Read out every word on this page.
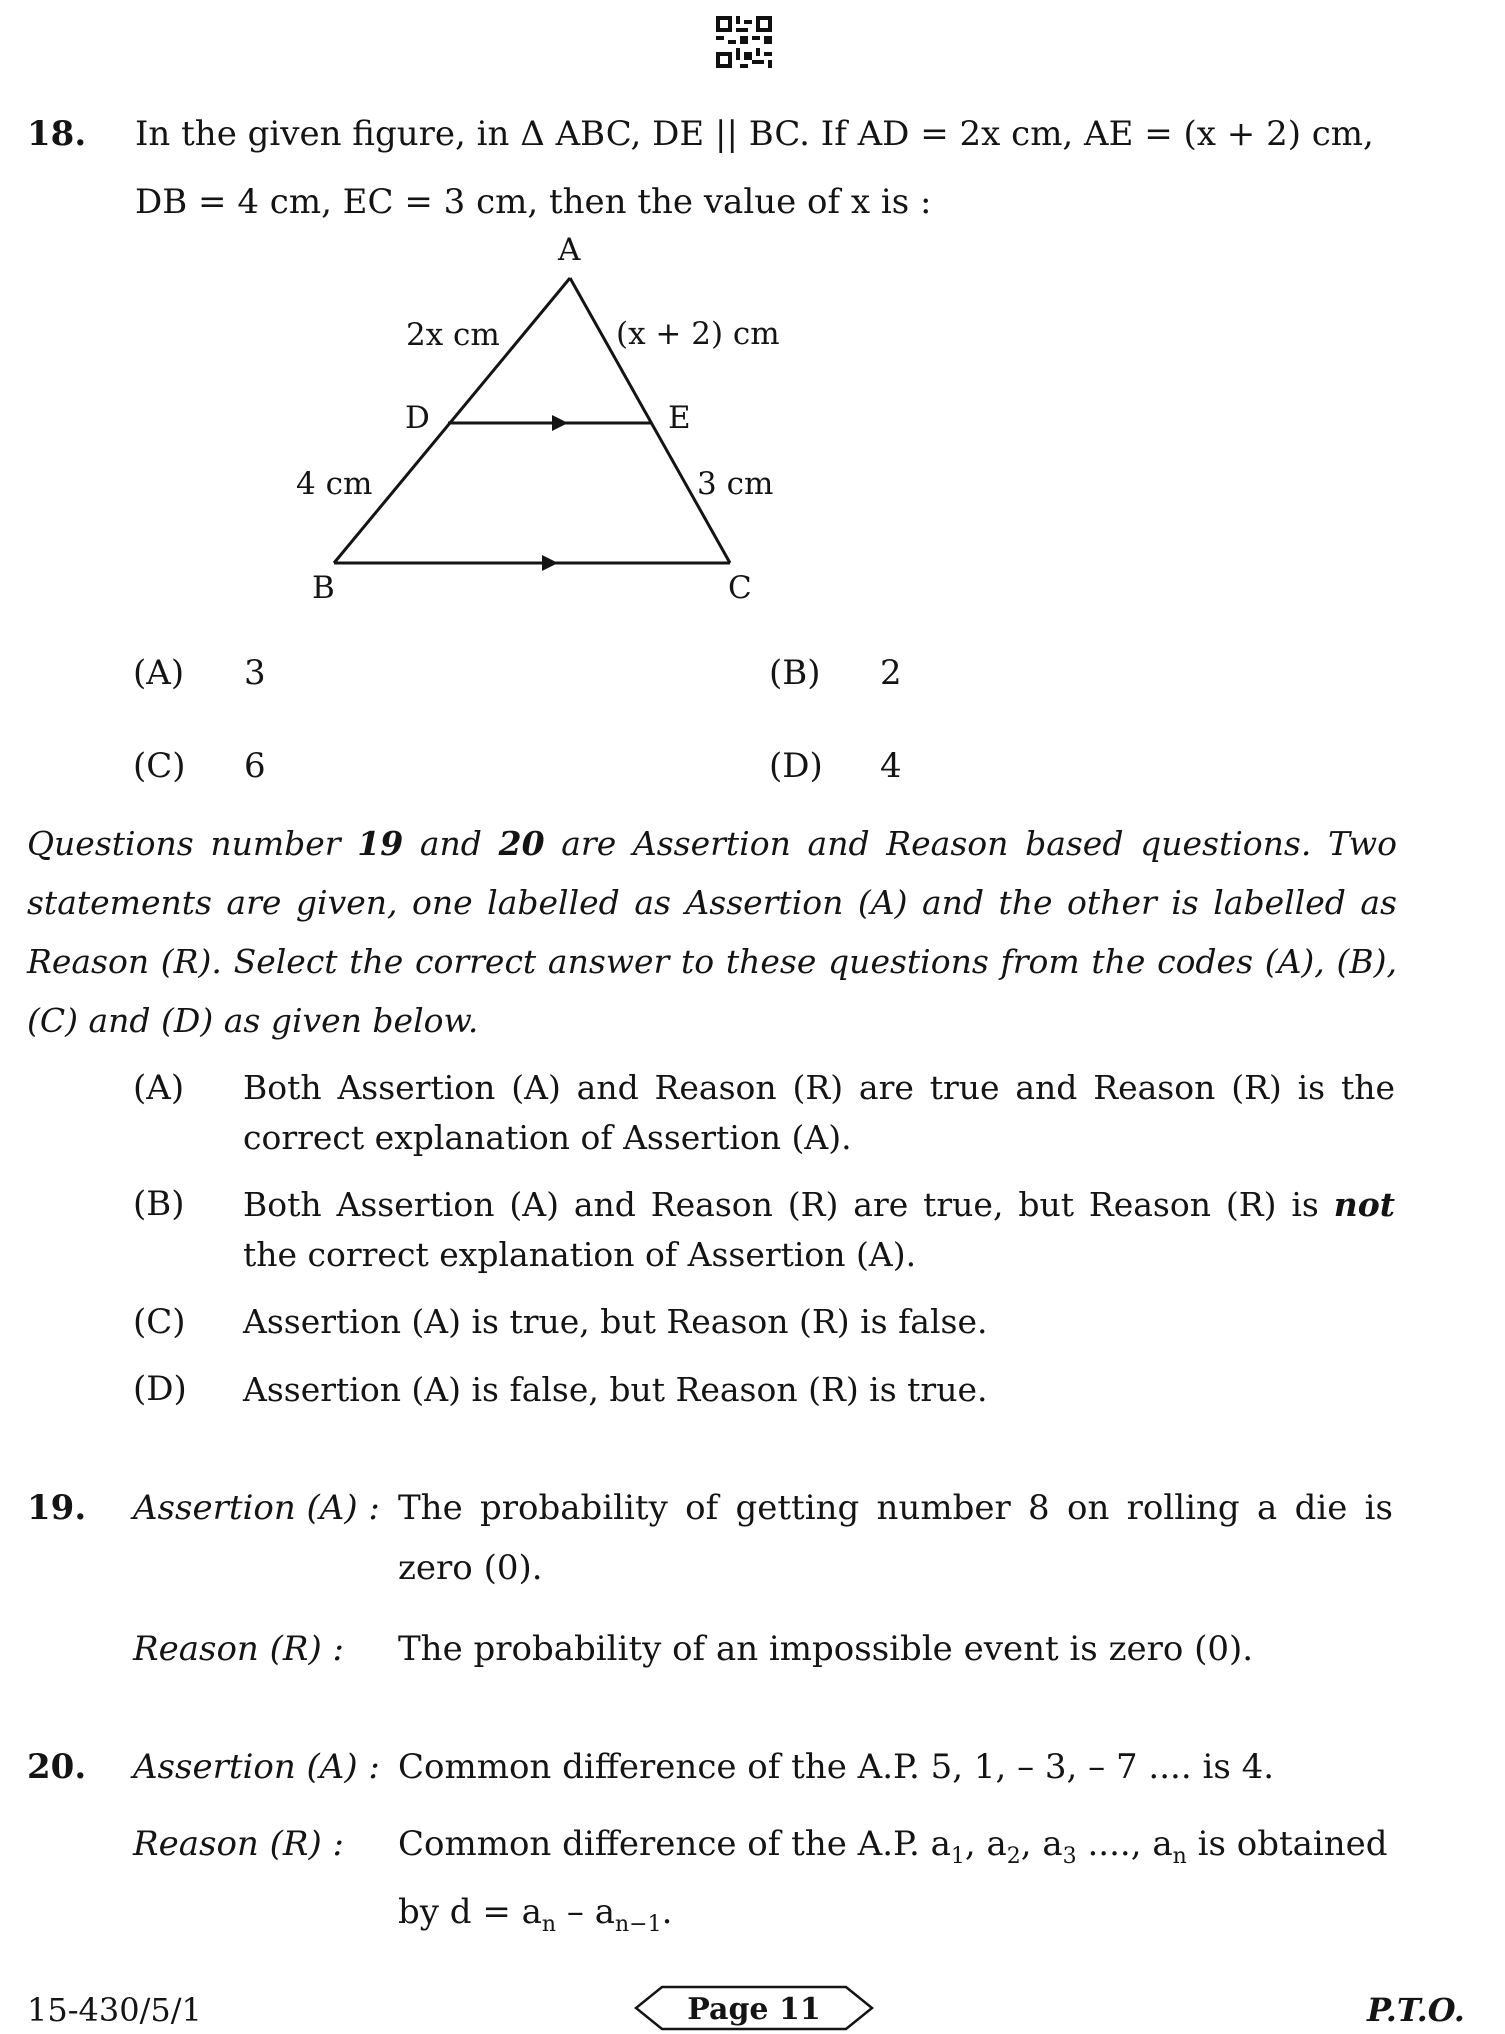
18. In the given figure, in Δ ABC, DE || BC. If AD = 2x cm, AE = (x + 2) cm,
DB = 4 cm, EC = 3 cm, then the value of x is :
A
D	E
B	C
2x cm	(x + 2) cm
4 cm	3 cm
(A) 3	(B) 2
(C) 6	(D) 4
Questions number 19 and 20 are Assertion and Reason based questions. Two statements are given, one labelled as Assertion (A) and the other is labelled as Reason (R). Select the correct answer to these questions from the codes (A), (B), (C) and (D) as given below.
(A) Both Assertion (A) and Reason (R) are true and Reason (R) is the correct explanation of Assertion (A).
(B) Both Assertion (A) and Reason (R) are true, but Reason (R) is not the correct explanation of Assertion (A).
(C) Assertion (A) is true, but Reason (R) is false.
(D) Assertion (A) is false, but Reason (R) is true.
19. Assertion (A) : The probability of getting number 8 on rolling a die is
zero (0).
Reason (R) : The probability of an impossible event is zero (0).
20. Assertion (A) : Common difference of the A.P. 5, 1, – 3, – 7 .... is 4.
Reason (R) : Common difference of the A.P. $a_1$, $a_2$, $a_3$ ...., $a_n$ is obtained
by $d = a_n - a_{n-1}$.
15-430/5/1	Page 11	P.T.O.
